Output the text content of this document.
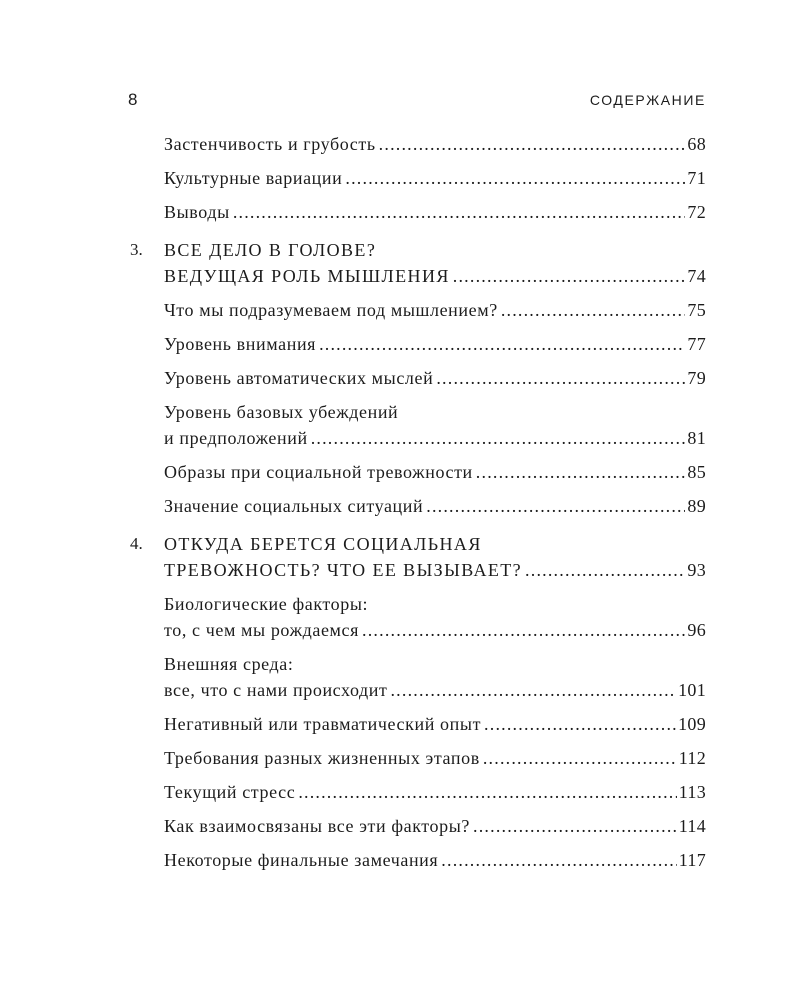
8	СОДЕРЖАНИЕ
Застенчивость и грубость .....	68
Культурные вариации .....	71
Выводы .....	72
3. ВСЕ ДЕЛО В ГОЛОВЕ?
ВЕДУЩАЯ РОЛЬ МЫШЛЕНИЯ .....	74
Что мы подразумеваем под мышлением? .....	75
Уровень внимания .....	77
Уровень автоматических мыслей .....	79
Уровень базовых убеждений
и предположений .....	81
Образы при социальной тревожности .....	85
Значение социальных ситуаций .....	89
4. ОТКУДА БЕРЕТСЯ СОЦИАЛЬНАЯ
ТРЕВОЖНОСТЬ? ЧТО ЕЕ ВЫЗЫВАЕТ? .....	93
Биологические факторы:
то, с чем мы рождаемся .....	96
Внешняя среда:
все, что с нами происходит .....	101
Негативный или травматический опыт .....	109
Требования разных жизненных этапов .....	112
Текущий стресс .....	113
Как взаимосвязаны все эти факторы? .....	114
Некоторые финальные замечания .....	117
